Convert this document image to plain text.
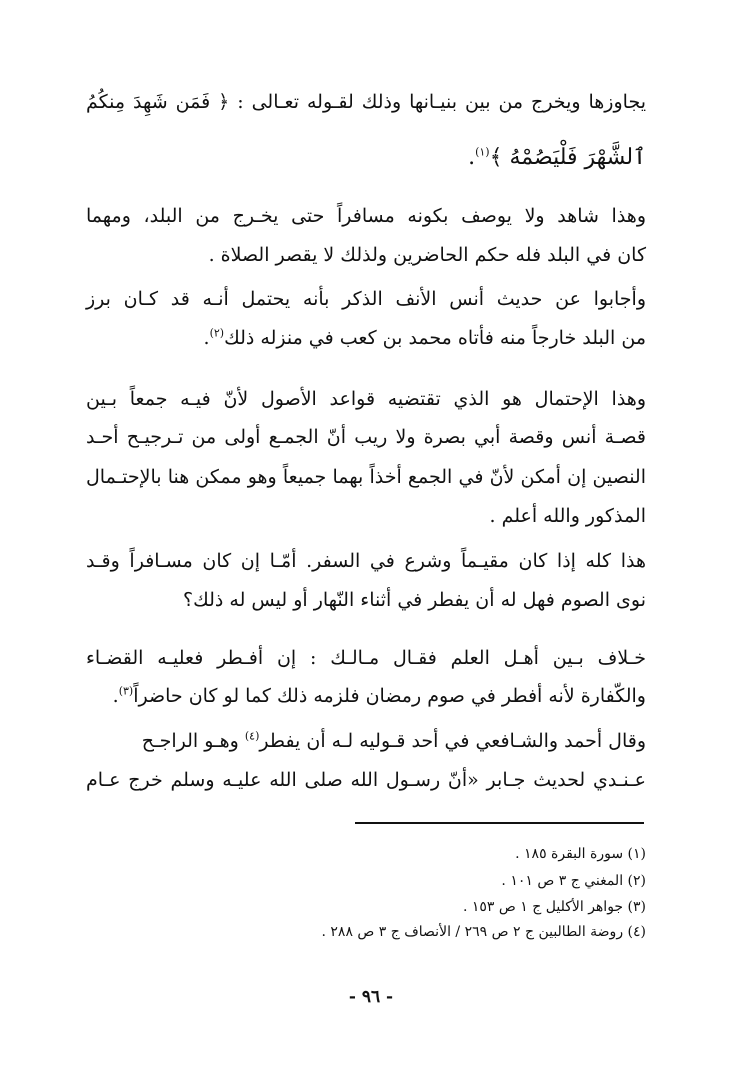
يجاوزها ويخرج من بين بنيـانها وذلك لقـوله تعـالى : ﴿ فَمَن شَهِدَ مِنكُمُ
ٱلشَّهْرَ فَلْيَصُمْهُ ﴾$^{(١)}$.
وهذا شاهد ولا يوصف بكونه مسافراً حتى يخـرج من البلد، ومهما
كان في البلد فله حكم الحاضرين ولذلك لا يقصر الصلاة .
وأجابوا عن حديث أنس الأنف الذكر بأنه يحتمل أنـه قد كـان برز
من البلد خارجاً منه فأتاه محمد بن كعب في منزله ذلك$^{(٢)}$.
وهذا الإحتمال هو الذي تقتضيه قواعد الأصول لأنّ فيـه جمعاً بـين
قصـة أنس وقصة أبي بصرة ولا ريب أنّ الجمـع أولى من تـرجيـح أحـد
النصين إن أمكن لأنّ في الجمع أخذاً بهما جميعاً وهو ممكن هنا بالإحتـمال
المذكور والله أعلم .
هذا كله إذا كان مقيـماً وشرع في السفر. أمّـا إن كان مسـافراً وقـد
نوى الصوم فهل له أن يفطر في أثناء النّهار أو ليس له ذلك؟
خـلاف بـين أهـل العلم فقـال مـالـك : إن أفـطر فعليـه القضـاء
والكّفارة لأنه أفطر في صوم رمضان فلزمه ذلك كما لو كان حاضراً$^{(٣)}$.
وقال أحمد والشـافعي في أحد قـوليه لـه أن يفطر$^{(٤)}$ وهـو الراجـح
عـنـدي لحديث جـابر «أنّ رسـول الله صلى الله عليـه وسلم خرج عـام
(١) سورة البقرة ١٨٥ .
(٢) المغني ج ٣ ص ١٠١ .
(٣) جواهر الأكليل ج ١ ص ١٥٣ .
(٤) روضة الطالبين ج ٢ ص ٢٦٩ / الأنصاف ج ٣ ص ٢٨٨ .
- ٩٦ -
